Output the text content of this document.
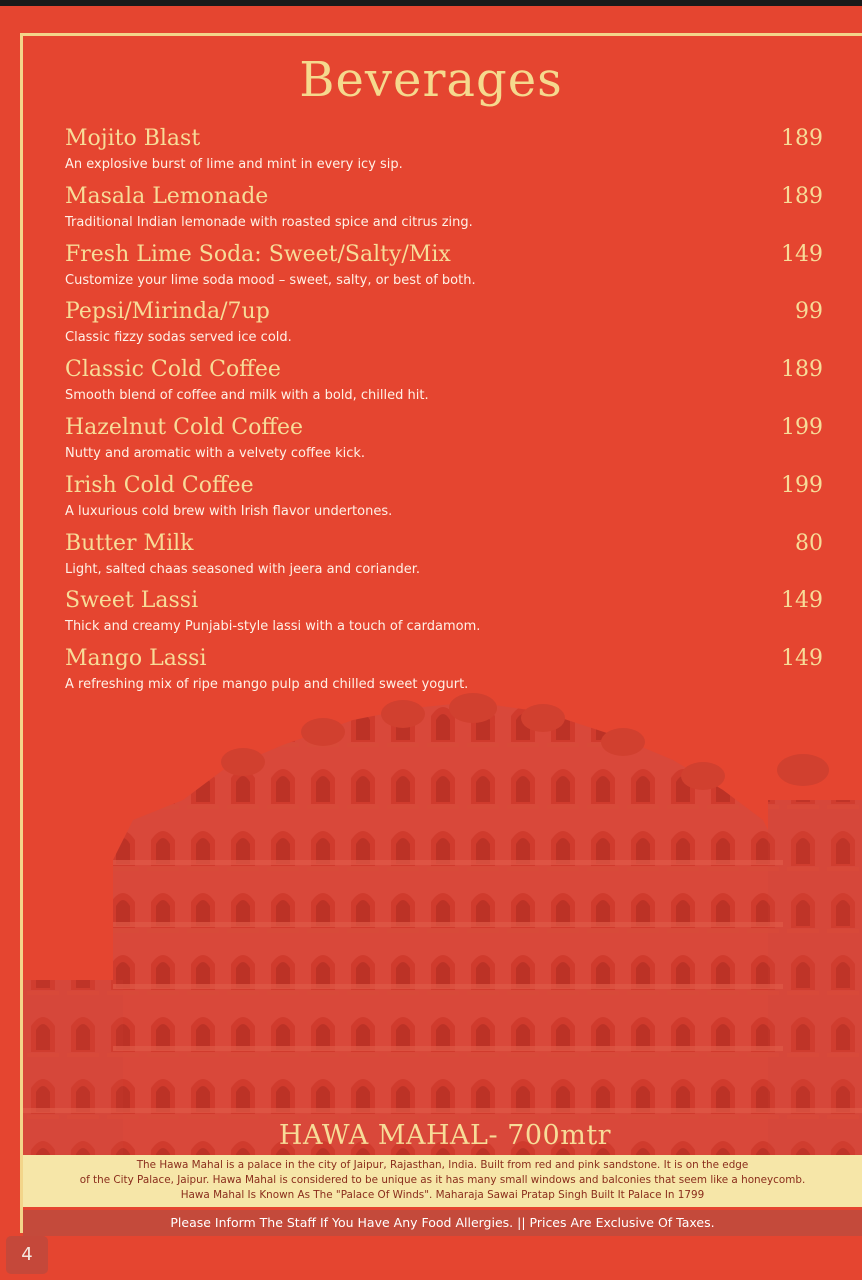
Beverages
Mojito Blast	189
An explosive burst of lime and mint in every icy sip.
Masala Lemonade	189
Traditional Indian lemonade with roasted spice and citrus zing.
Fresh Lime Soda: Sweet/Salty/Mix	149
Customize your lime soda mood – sweet, salty, or best of both.
Pepsi/Mirinda/7up	99
Classic fizzy sodas served ice cold.
Classic Cold Coffee	189
Smooth blend of coffee and milk with a bold, chilled hit.
Hazelnut Cold Coffee	199
Nutty and aromatic with a velvety coffee kick.
Irish Cold Coffee	199
A luxurious cold brew with Irish flavor undertones.
Butter Milk	80
Light, salted chaas seasoned with jeera and coriander.
Sweet Lassi	149
Thick and creamy Punjabi-style lassi with a touch of cardamom.
Mango Lassi	149
A refreshing mix of ripe mango pulp and chilled sweet yogurt.
HAWA MAHAL- 700mtr
The Hawa Mahal is a palace in the city of Jaipur, Rajasthan, India. Built from red and pink sandstone. It is on the edge
of the City Palace, Jaipur. Hawa Mahal is considered to be unique as it has many small windows and balconies that seem like a honeycomb.
Hawa Mahal Is Known As The "Palace Of Winds". Maharaja Sawai Pratap Singh Built It Palace In 1799
Please Inform The Staff If You Have Any Food Allergies. || Prices Are Exclusive Of Taxes.
4
